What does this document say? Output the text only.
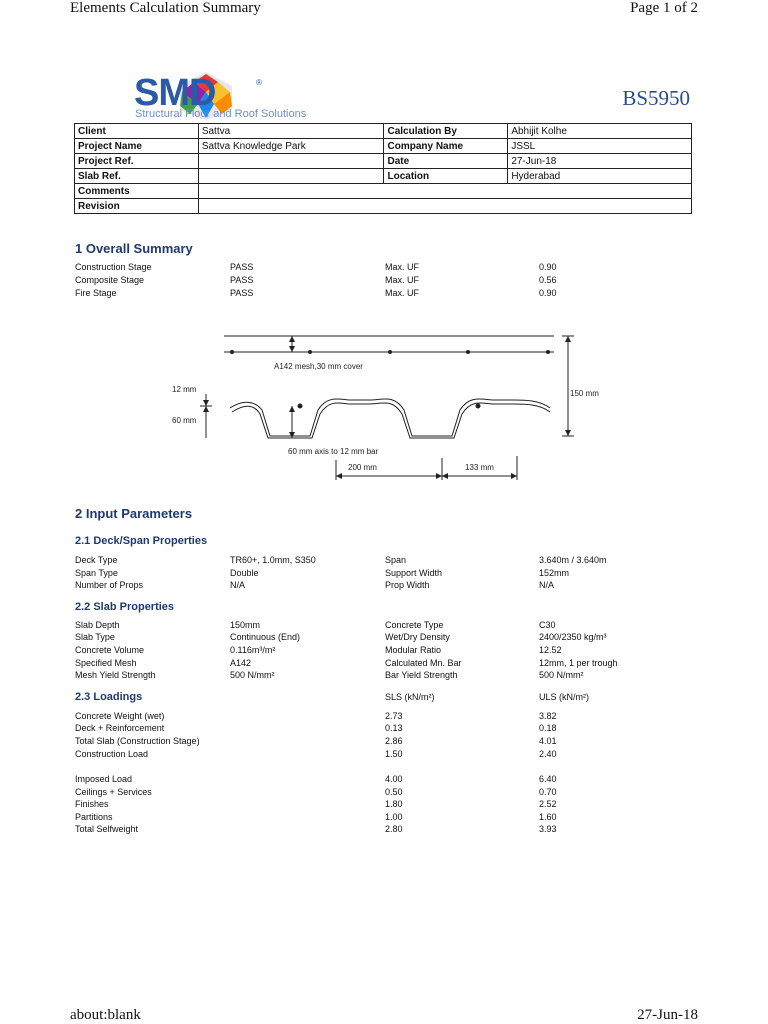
Elements Calculation Summary	Page 1 of 2
SMD	®
Structural Floor and Roof Solutions
BS5950
Client	Sattva	Calculation By	Abhijit Kolhe
Project Name	Sattva Knowledge Park	Company Name	JSSL
Project Ref.		Date	27-Jun-18
Slab Ref.		Location	Hyderabad
Comments			
Revision			
1 Overall Summary
Construction Stage	PASS	Max. UF	0.90
Composite Stage	PASS	Max. UF	0.56
Fire Stage	PASS	Max. UF	0.90
A142 mesh,30 mm cover
12 mm
60 mm
150 mm
60 mm axis to 12 mm bar
200 mm	133 mm
2 Input Parameters
2.1 Deck/Span Properties
Deck Type	TR60+, 1.0mm, S350	Span	3.640m / 3.640m
Span Type	Double	Support Width	152mm
Number of Props	N/A	Prop Width	N/A
2.2 Slab Properties
Slab Depth	150mm	Concrete Type	C30
Slab Type	Continuous (End)	Wet/Dry Density	2400/2350 kg/m³
Concrete Volume	0.116m³/m²	Modular Ratio	12.52
Specified Mesh	A142	Calculated Mn. Bar	12mm, 1 per trough
Mesh Yield Strength	500 N/mm²	Bar Yield Strength	500 N/mm²
2.3 Loadings	SLS (kN/m²)	ULS (kN/m²)
Concrete Weight (wet)	2.73	3.82
Deck + Reinforcement	0.13	0.18
Total Slab (Construction Stage)	2.86	4.01
Construction Load	1.50	2.40
Imposed Load	4.00	6.40
Ceilings + Services	0.50	0.70
Finishes	1.80	2.52
Partitions	1.00	1.60
Total Selfweight	2.80	3.93
about:blank	27-Jun-18
